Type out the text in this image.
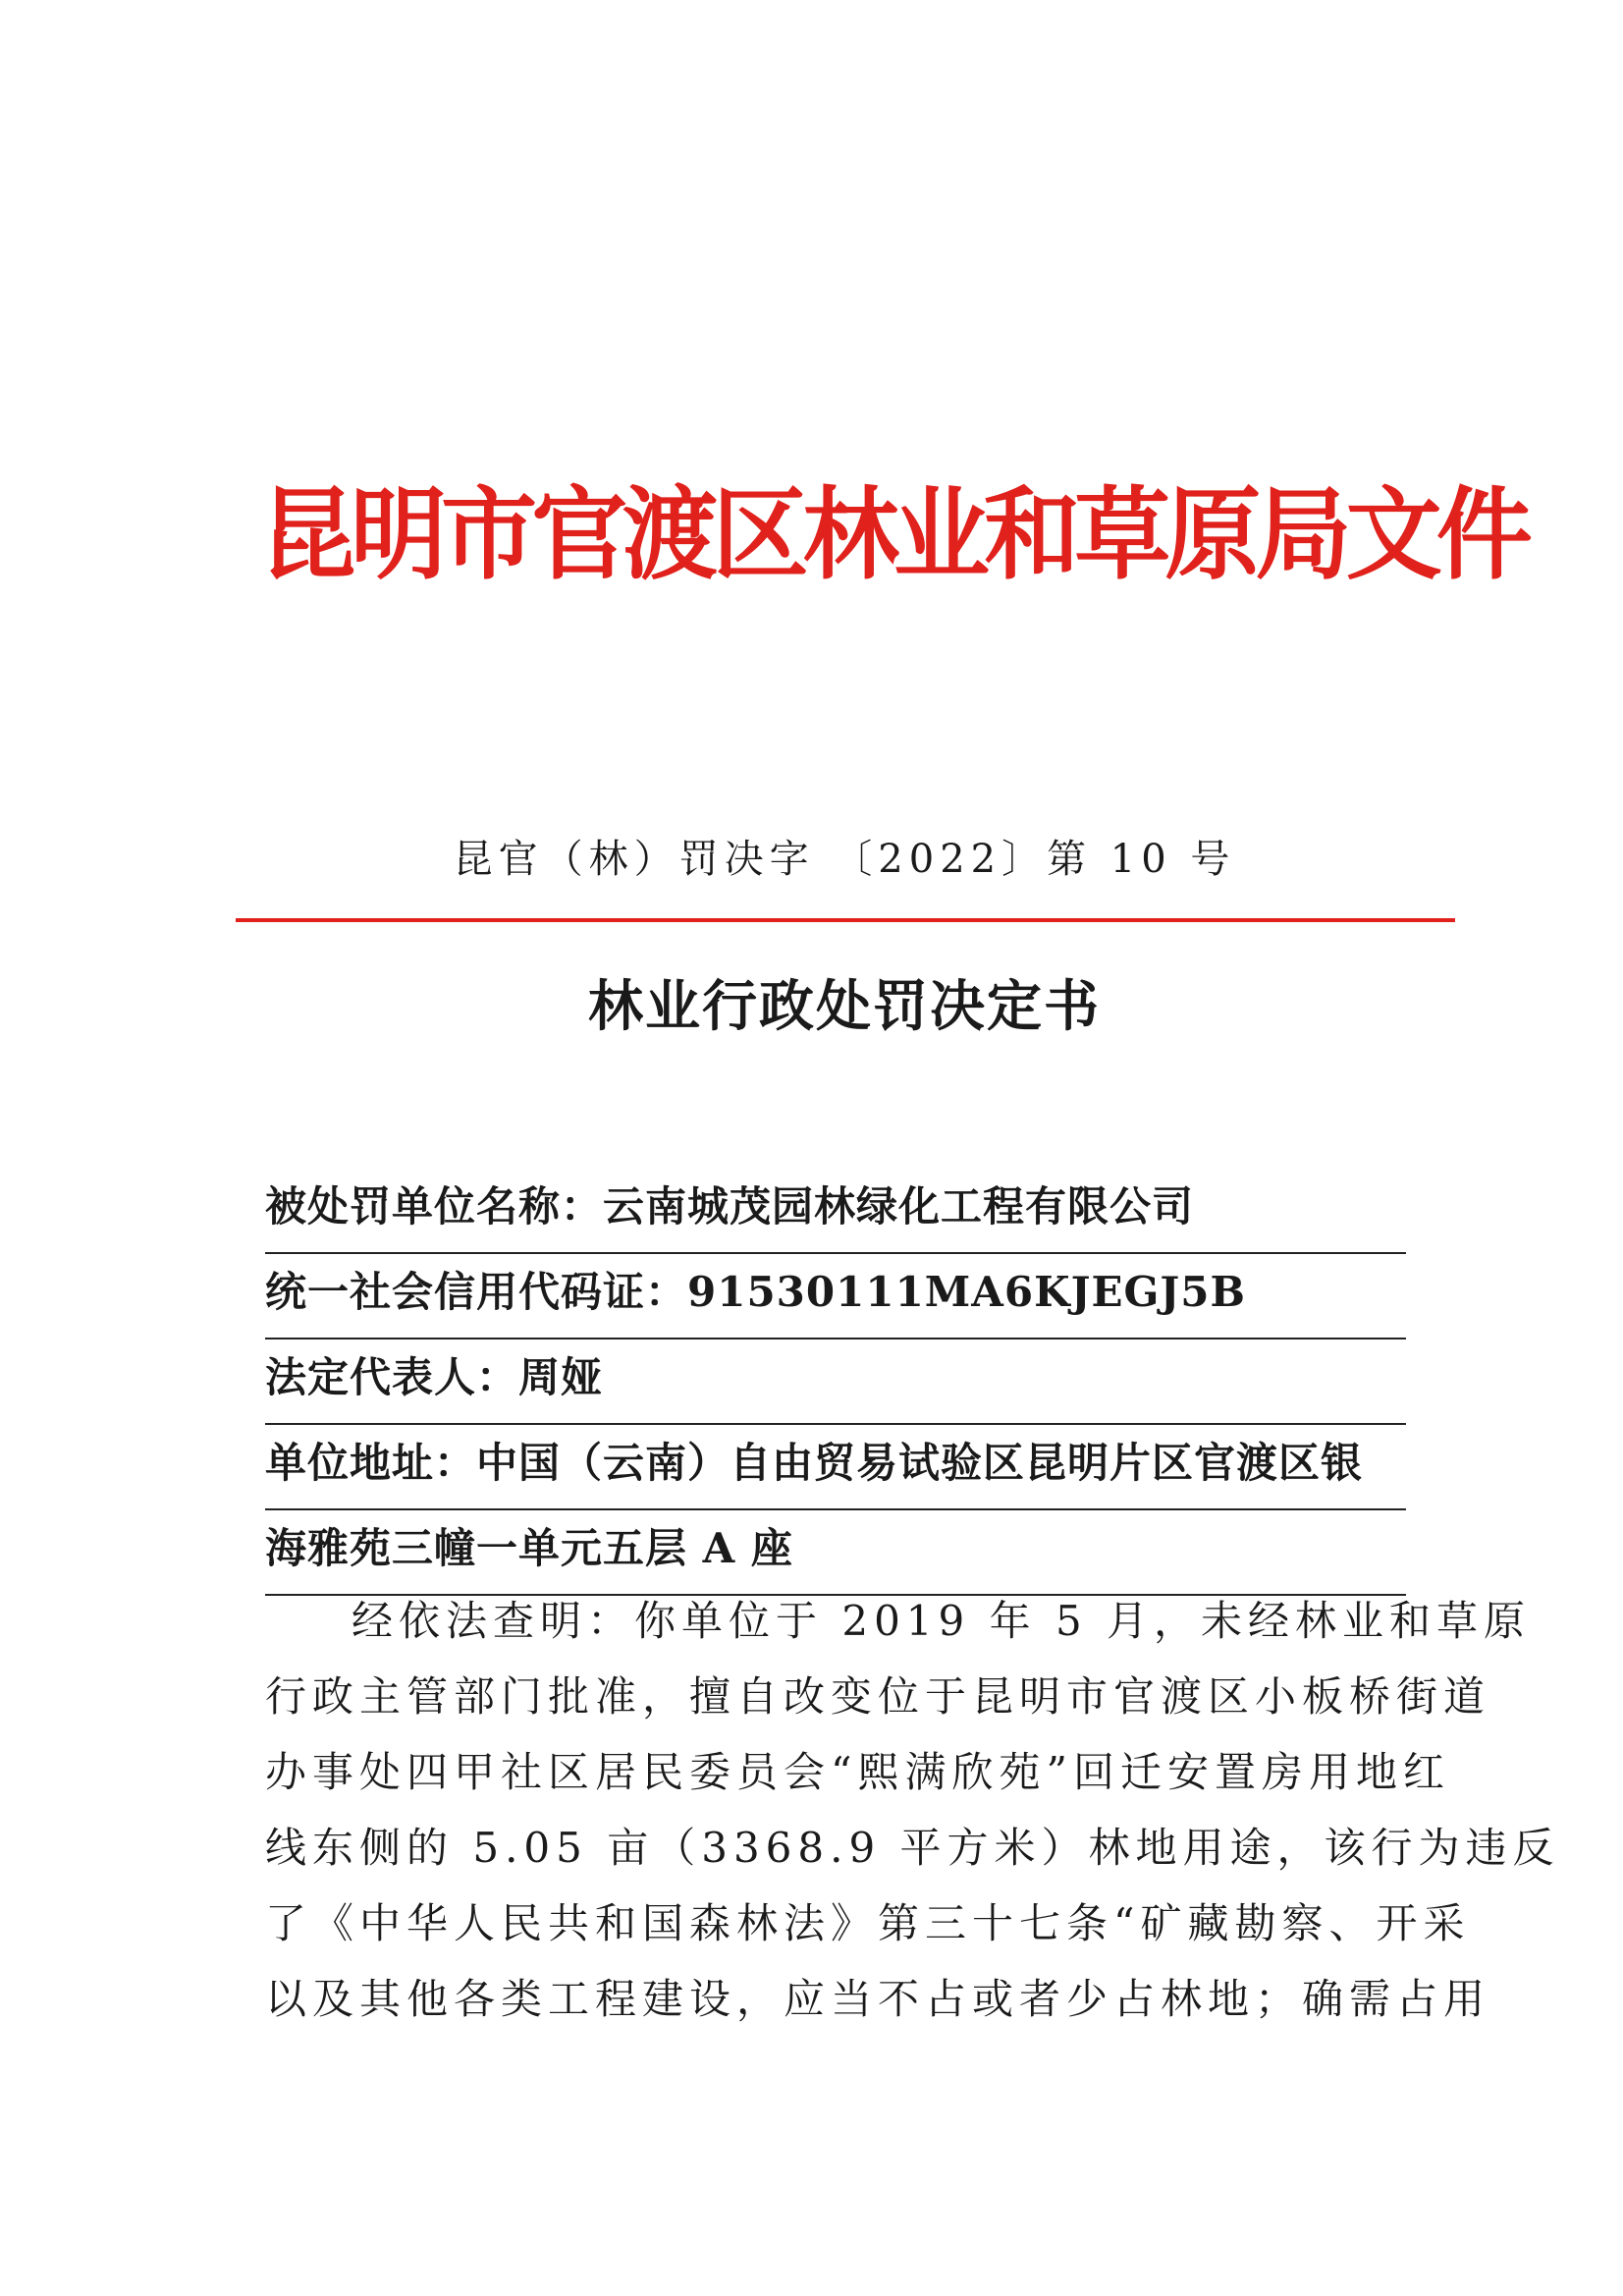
昆明市官渡区林业和草原局文件
昆官（林）罚决字 〔2022〕第 10 号
林业行政处罚决定书
被处罚单位名称：云南城茂园林绿化工程有限公司
统一社会信用代码证：91530111MA6KJEGJ5B
法定代表人：周娅
单位地址：中国（云南）自由贸易试验区昆明片区官渡区银
海雅苑三幢一单元五层 A 座
经依法查明：你单位于 2019 年 5 月，未经林业和草原
行政主管部门批准，擅自改变位于昆明市官渡区小板桥街道
办事处四甲社区居民委员会“熙满欣苑”回迁安置房用地红
线东侧的 5.05 亩（3368.9 平方米）林地用途，该行为违反
了《中华人民共和国森林法》第三十七条“矿藏勘察、开采
以及其他各类工程建设，应当不占或者少占林地；确需占用
